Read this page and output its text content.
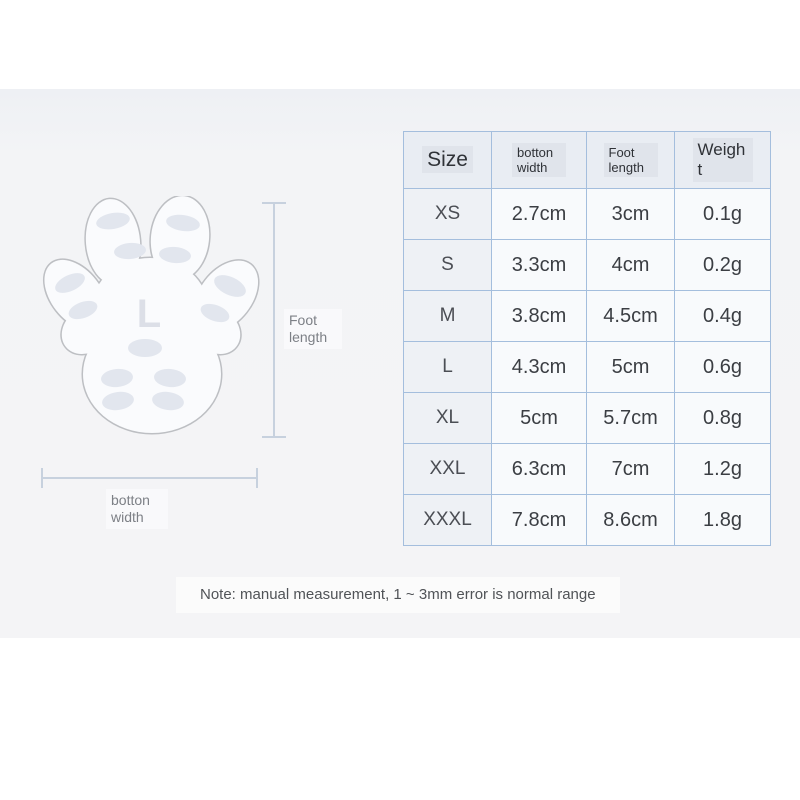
L	Foot length
botton width
Size	botton width	Foot length	Weight
XS	2.7cm	3cm	0.1g
S	3.3cm	4cm	0.2g
M	3.8cm	4.5cm	0.4g
L	4.3cm	5cm	0.6g
XL	5cm	5.7cm	0.8g
XXL	6.3cm	7cm	1.2g
XXXL	7.8cm	8.6cm	1.8g
Note: manual measurement, 1 ~ 3mm error is normal range
